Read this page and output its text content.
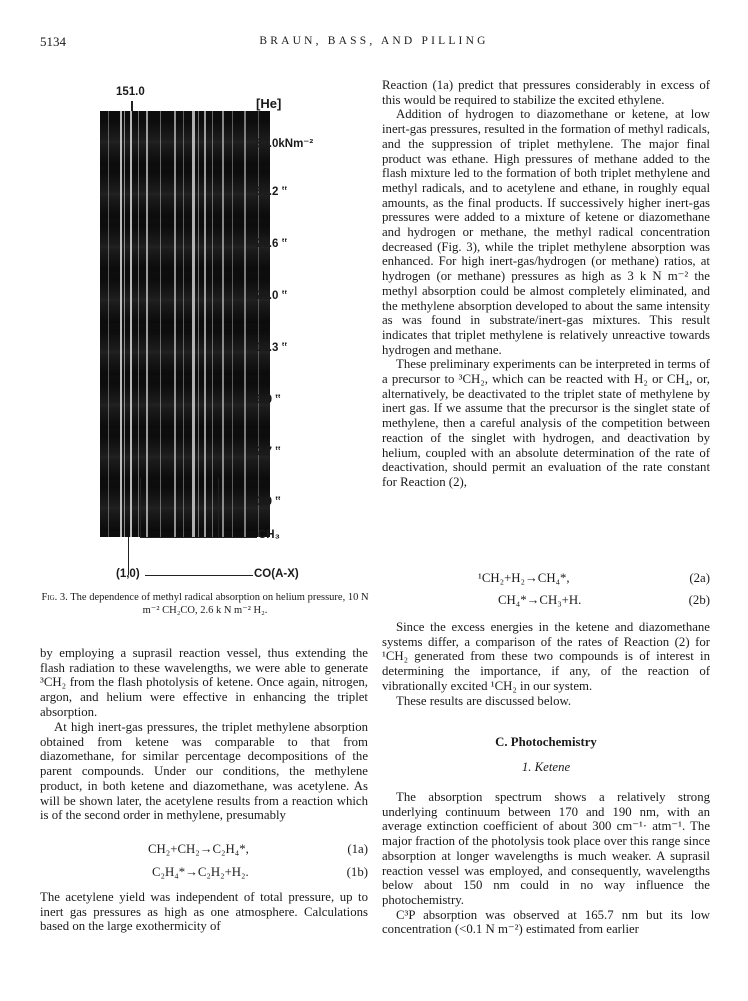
5134	BRAUN, BASS, AND PILLING
151.0
[He]
80.0kNm⁻²
53.2 ‟
26.6 ‟
20.0 ‟
13.3 ‟
6.9 ‟
2.7 ‟
0.0 ‟
CH₃
(1,0)	CO(A-X)
Fig. 3. The dependence of methyl radical absorption on helium pressure, 10 N m⁻² CH₂CO, 2.6 k N m⁻² H₂.

by employing a suprasil reaction vessel, thus extending the flash radiation to these wavelengths, we were able to generate ³CH₂ from the flash photolysis of ketene. Once again, nitrogen, argon, and helium were effective in enhancing the triplet absorption.

At high inert-gas pressures, the triplet methylene absorption obtained from ketene was comparable to that from diazomethane, for similar percentage decompositions of the parent compounds. Under our conditions, the methylene product, in both ketene and diazomethane, was acetylene. As will be shown later, the acetylene results from a reaction which is of the second order in methylene, presumably

CH₂+CH₂→C₂H₄*,	(1a)
C₂H₄*→C₂H₂+H₂.	(1b)

The acetylene yield was independent of total pressure, up to inert gas pressures as high as one atmosphere. Calculations based on the large exothermicity of

Reaction (1a) predict that pressures considerably in excess of this would be required to stabilize the excited ethylene.

Addition of hydrogen to diazomethane or ketene, at low inert-gas pressures, resulted in the formation of methyl radicals, and the suppression of triplet methylene. The major final product was ethane. High pressures of methane added to the flash mixture led to the formation of both triplet methylene and methyl radicals, and to acetylene and ethane, in roughly equal amounts, as the final products. If successively higher inert-gas pressures were added to a mixture of ketene or diazomethane and hydrogen or methane, the methyl radical concentration decreased (Fig. 3), while the triplet methylene absorption was enhanced. For high inert-gas/hydrogen (or methane) ratios, at hydrogen (or methane) pressures as high as 3 k N m⁻² the methyl absorption could be almost completely eliminated, and the methylene absorption developed to about the same intensity as was found in substrate/inert-gas mixtures. This result indicates that triplet methylene is relatively unreactive towards hydrogen and methane.

These preliminary experiments can be interpreted in terms of a precursor to ³CH₂, which can be reacted with H₂ or CH₄, or, alternatively, be deactivated to the triplet state of methylene by inert gas. If we assume that the precursor is the singlet state of methylene, then a careful analysis of the competition between reaction of the singlet with hydrogen, and deactivation by helium, coupled with an absolute determination of the rate of deactivation, should permit an evaluation of the rate constant for Reaction (2),

¹CH₂+H₂→CH₄*,	(2a)
CH₄*→CH₃+H.	(2b)

Since the excess energies in the ketene and diazomethane systems differ, a comparison of the rates of Reaction (2) for ¹CH₂ generated from these two compounds is of interest in determining the importance, if any, of the reaction of vibrationally excited ¹CH₂ in our system.

These results are discussed below.

C. Photochemistry
1. Ketene

The absorption spectrum shows a relatively strong underlying continuum between 170 and 190 nm, with an average extinction coefficient of about 300 cm⁻¹· atm⁻¹. The major fraction of the photolysis took place over this range since absorption at longer wavelengths is much weaker. A suprasil reaction vessel was employed, and consequently, wavelengths below about 150 nm could in no way influence the photochemistry.

C³P absorption was observed at 165.7 nm but its low concentration (<0.1 N m⁻²) estimated from earlier
